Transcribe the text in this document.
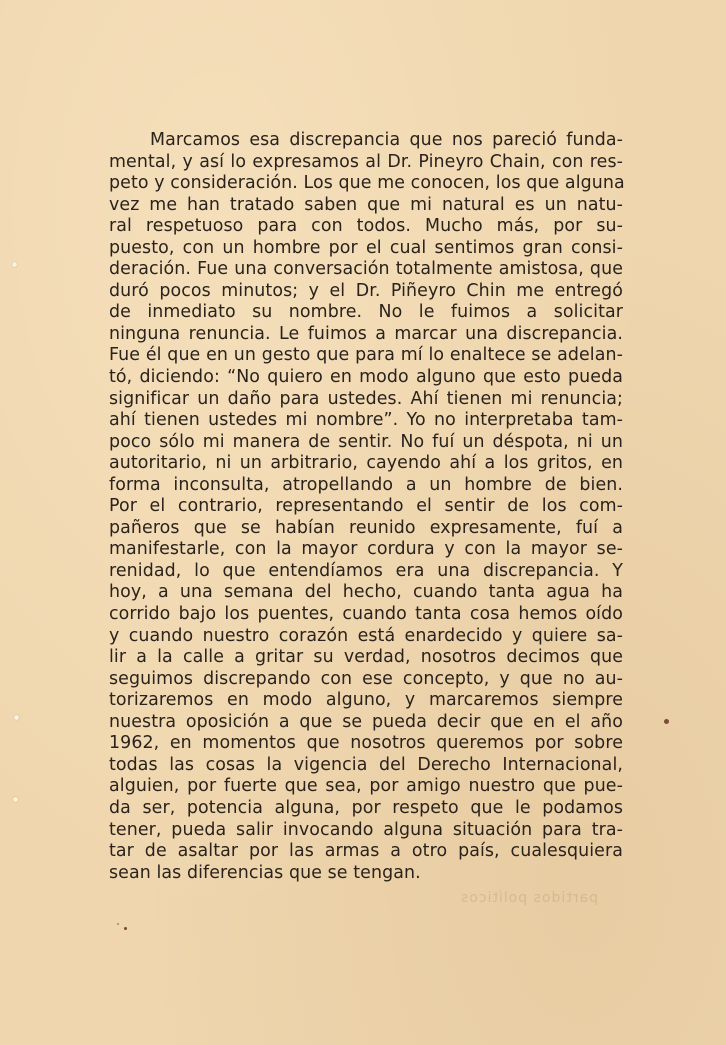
partidos políticos
Marcamos esa discrepancia que nos pareció funda-
mental, y así lo expresamos al Dr. Pineyro Chain, con res-
peto y consideración. Los que me conocen, los que alguna
vez me han tratado saben que mi natural es un natu-
ral respetuoso para con todos. Mucho más, por su-
puesto, con un hombre por el cual sentimos gran consi-
deración. Fue una conversación totalmente amistosa, que
duró pocos minutos; y el Dr. Piñeyro Chin me entregó
de inmediato su nombre. No le fuimos a solicitar
ninguna renuncia. Le fuimos a marcar una discrepancia.
Fue él que en un gesto que para mí lo enaltece se adelan-
tó, diciendo: “No quiero en modo alguno que esto pueda
significar un daño para ustedes. Ahí tienen mi renuncia;
ahí tienen ustedes mi nombre”. Yo no interpretaba tam-
poco sólo mi manera de sentir. No fuí un déspota, ni un
autoritario, ni un arbitrario, cayendo ahí a los gritos, en
forma inconsulta, atropellando a un hombre de bien.
Por el contrario, representando el sentir de los com-
pañeros que se habían reunido expresamente, fuí a
manifestarle, con la mayor cordura y con la mayor se-
renidad, lo que entendíamos era una discrepancia. Y
hoy, a una semana del hecho, cuando tanta agua ha
corrido bajo los puentes, cuando tanta cosa hemos oído
y cuando nuestro corazón está enardecido y quiere sa-
lir a la calle a gritar su verdad, nosotros decimos que
seguimos discrepando con ese concepto, y que no au-
torizaremos en modo alguno, y marcaremos siempre
nuestra oposición a que se pueda decir que en el año
1962, en momentos que nosotros queremos por sobre
todas las cosas la vigencia del Derecho Internacional,
alguien, por fuerte que sea, por amigo nuestro que pue-
da ser, potencia alguna, por respeto que le podamos
tener, pueda salir invocando alguna situación para tra-
tar de asaltar por las armas a otro país, cualesquiera
sean las diferencias que se tengan.
